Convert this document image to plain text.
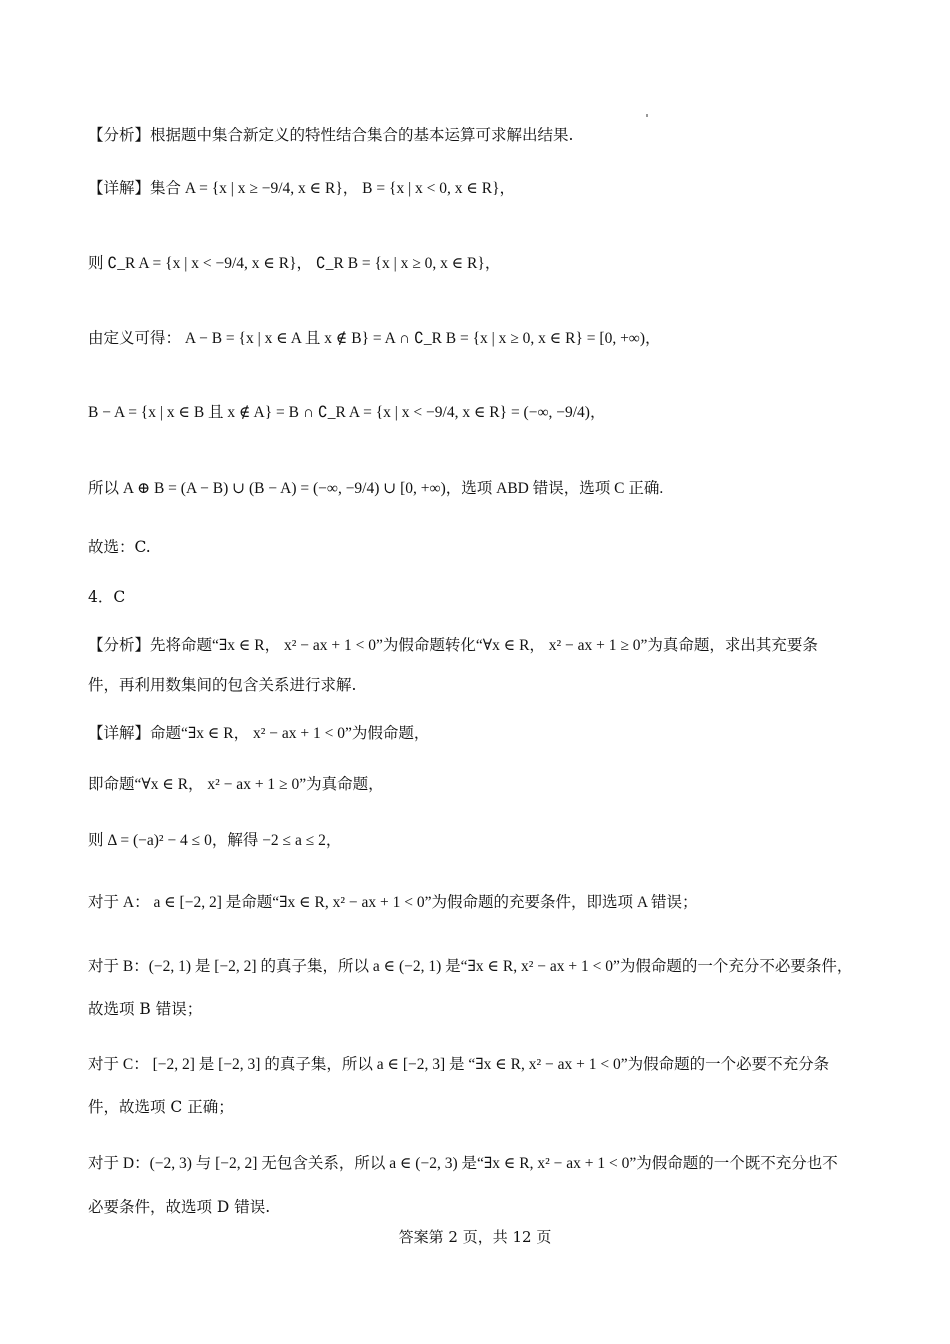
【分析】根据题中集合新定义的特性结合集合的基本运算可求解出结果.
【详解】集合 A = {x | x ≥ −9/4, x ∈ R}， B = {x | x < 0, x ∈ R}，
则 ∁_R A = {x | x < −9/4, x ∈ R}， ∁_R B = {x | x ≥ 0, x ∈ R}，
由定义可得： A − B = {x | x ∈ A 且 x ∉ B} = A ∩ ∁_R B = {x | x ≥ 0, x ∈ R} = [0, +∞)，
B − A = {x | x ∈ B 且 x ∉ A} = B ∩ ∁_R A = {x | x < −9/4, x ∈ R} = (−∞, −9/4)，
所以 A ⊕ B = (A − B) ∪ (B − A) = (−∞, −9/4) ∪ [0, +∞)，选项 ABD 错误，选项 C 正确.
故选：C.
4．C
【分析】先将命题“∃x ∈ R， x² − ax + 1 < 0”为假命题转化“∀x ∈ R， x² − ax + 1 ≥ 0”为真命题，求出其充要条
件，再利用数集间的包含关系进行求解.
【详解】命题“∃x ∈ R， x² − ax + 1 < 0”为假命题，
即命题“∀x ∈ R， x² − ax + 1 ≥ 0”为真命题，
则 Δ = (−a)² − 4 ≤ 0，解得 −2 ≤ a ≤ 2，
对于 A： a ∈ [−2, 2] 是命题“∃x ∈ R, x² − ax + 1 < 0”为假命题的充要条件，即选项 A 错误；
对于 B：(−2, 1) 是 [−2, 2] 的真子集，所以 a ∈ (−2, 1) 是“∃x ∈ R, x² − ax + 1 < 0”为假命题的一个充分不必要条件，
故选项 B 错误；
对于 C： [−2, 2] 是 [−2, 3] 的真子集，所以 a ∈ [−2, 3] 是 “∃x ∈ R, x² − ax + 1 < 0”为假命题的一个必要不充分条
件，故选项 C 正确；
对于 D：(−2, 3) 与 [−2, 2] 无包含关系，所以 a ∈ (−2, 3) 是“∃x ∈ R, x² − ax + 1 < 0”为假命题的一个既不充分也不
必要条件，故选项 D 错误.
答案第 2 页，共 12 页
